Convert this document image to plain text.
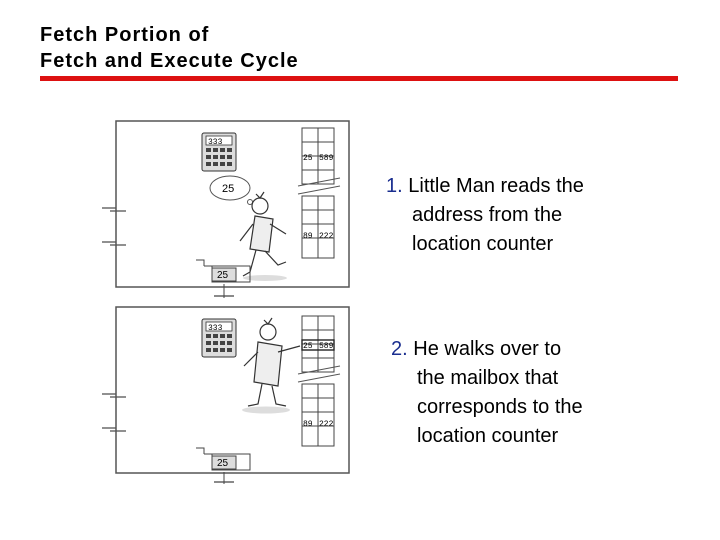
Fetch Portion of
Fetch and Execute Cycle
333
25 589
89 222
25
25
333
25 589
89 222
25
1. Little Man reads the
address from the
location counter
2. He walks over to
the mailbox that
corresponds to the
location counter
